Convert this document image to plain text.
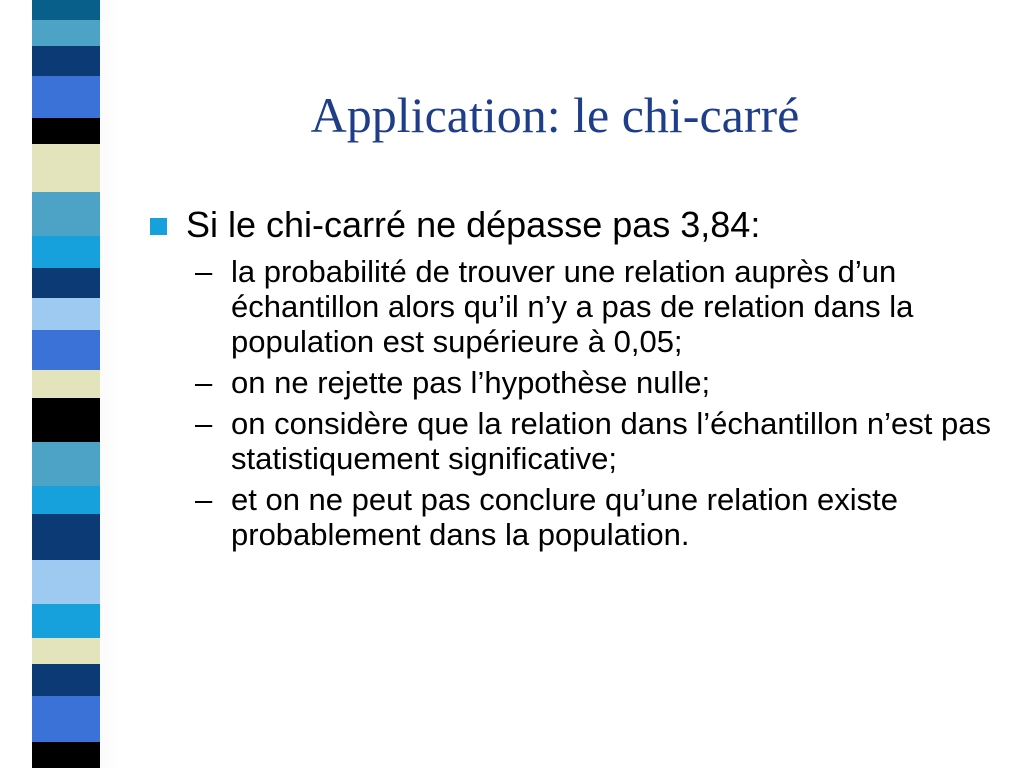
Application: le chi-carré
Si le chi-carré ne dépasse pas 3,84:
– la probabilité de trouver une relation auprès d’un échantillon alors qu’il n’y a pas de relation dans la population est supérieure à 0,05;
– on ne rejette pas l’hypothèse nulle;
– on considère que la relation dans l’échantillon n’est pas statistiquement significative;
– et on ne peut pas conclure qu’une relation existe probablement dans la population.
